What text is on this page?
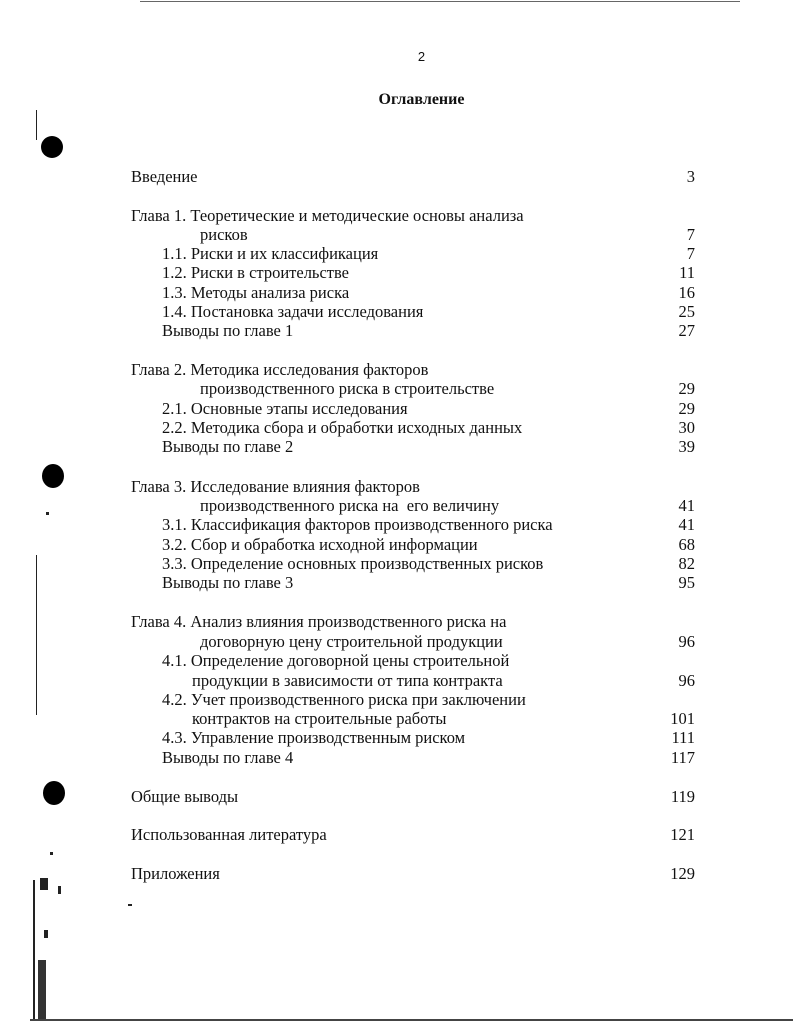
2
Оглавление
Введение	3
Глава 1. Теоретические и методические основы анализа
рисков	7
1.1. Риски и их классификация	7
1.2. Риски в строительстве	11
1.3. Методы анализа риска	16
1.4. Постановка задачи исследования	25
Выводы по главе 1	27
Глава 2. Методика исследования факторов
производственного риска в строительстве	29
2.1. Основные этапы исследования	29
2.2. Методика сбора и обработки исходных данных	30
Выводы по главе 2	39
Глава 3. Исследование влияния факторов
производственного риска на  его величину	41
3.1. Классификация факторов производственного риска	41
3.2. Сбор и обработка исходной информации	68
3.3. Определение основных производственных рисков	82
Выводы по главе 3	95
Глава 4. Анализ влияния производственного риска на
договорную цену строительной продукции	96
4.1. Определение договорной цены строительной
продукции в зависимости от типа контракта	96
4.2. Учет производственного риска при заключении
контрактов на строительные работы	101
4.3. Управление производственным риском	111
Выводы по главе 4	117
Общие выводы	119
Использованная литература	121
Приложения	129
